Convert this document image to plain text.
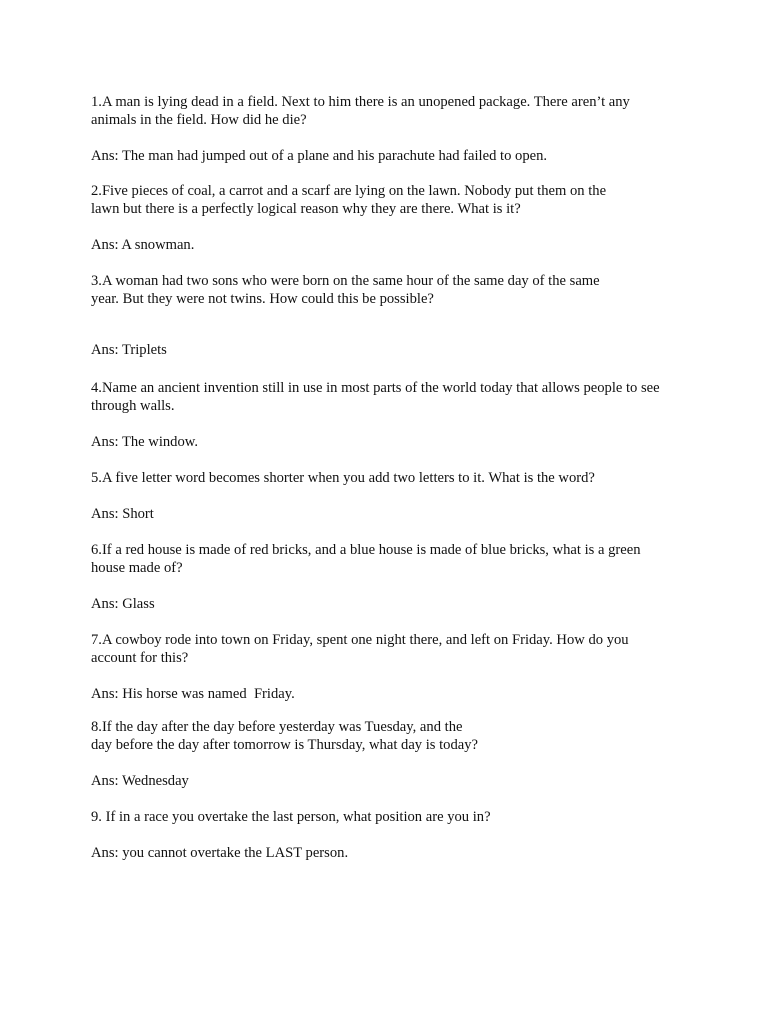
1.A man is lying dead in a field. Next to him there is an unopened package. There aren’t any
animals in the field. How did he die?
Ans: The man had jumped out of a plane and his parachute had failed to open.
2.Five pieces of coal, a carrot and a scarf are lying on the lawn. Nobody put them on the
lawn but there is a perfectly logical reason why they are there. What is it?
Ans: A snowman.
3.A woman had two sons who were born on the same hour of the same day of the same
year. But they were not twins. How could this be possible?
Ans: Triplets
4.Name an ancient invention still in use in most parts of the world today that allows people to see
through walls.
Ans: The window.
5.A five letter word becomes shorter when you add two letters to it. What is the word?
Ans: Short
6.If a red house is made of red bricks, and a blue house is made of blue bricks, what is a green
house made of?
Ans: Glass
7.A cowboy rode into town on Friday, spent one night there, and left on Friday. How do you
account for this?
Ans: His horse was named  Friday.
8.If the day after the day before yesterday was Tuesday, and the
day before the day after tomorrow is Thursday, what day is today?
Ans: Wednesday
9. If in a race you overtake the last person, what position are you in?
Ans: you cannot overtake the LAST person.
